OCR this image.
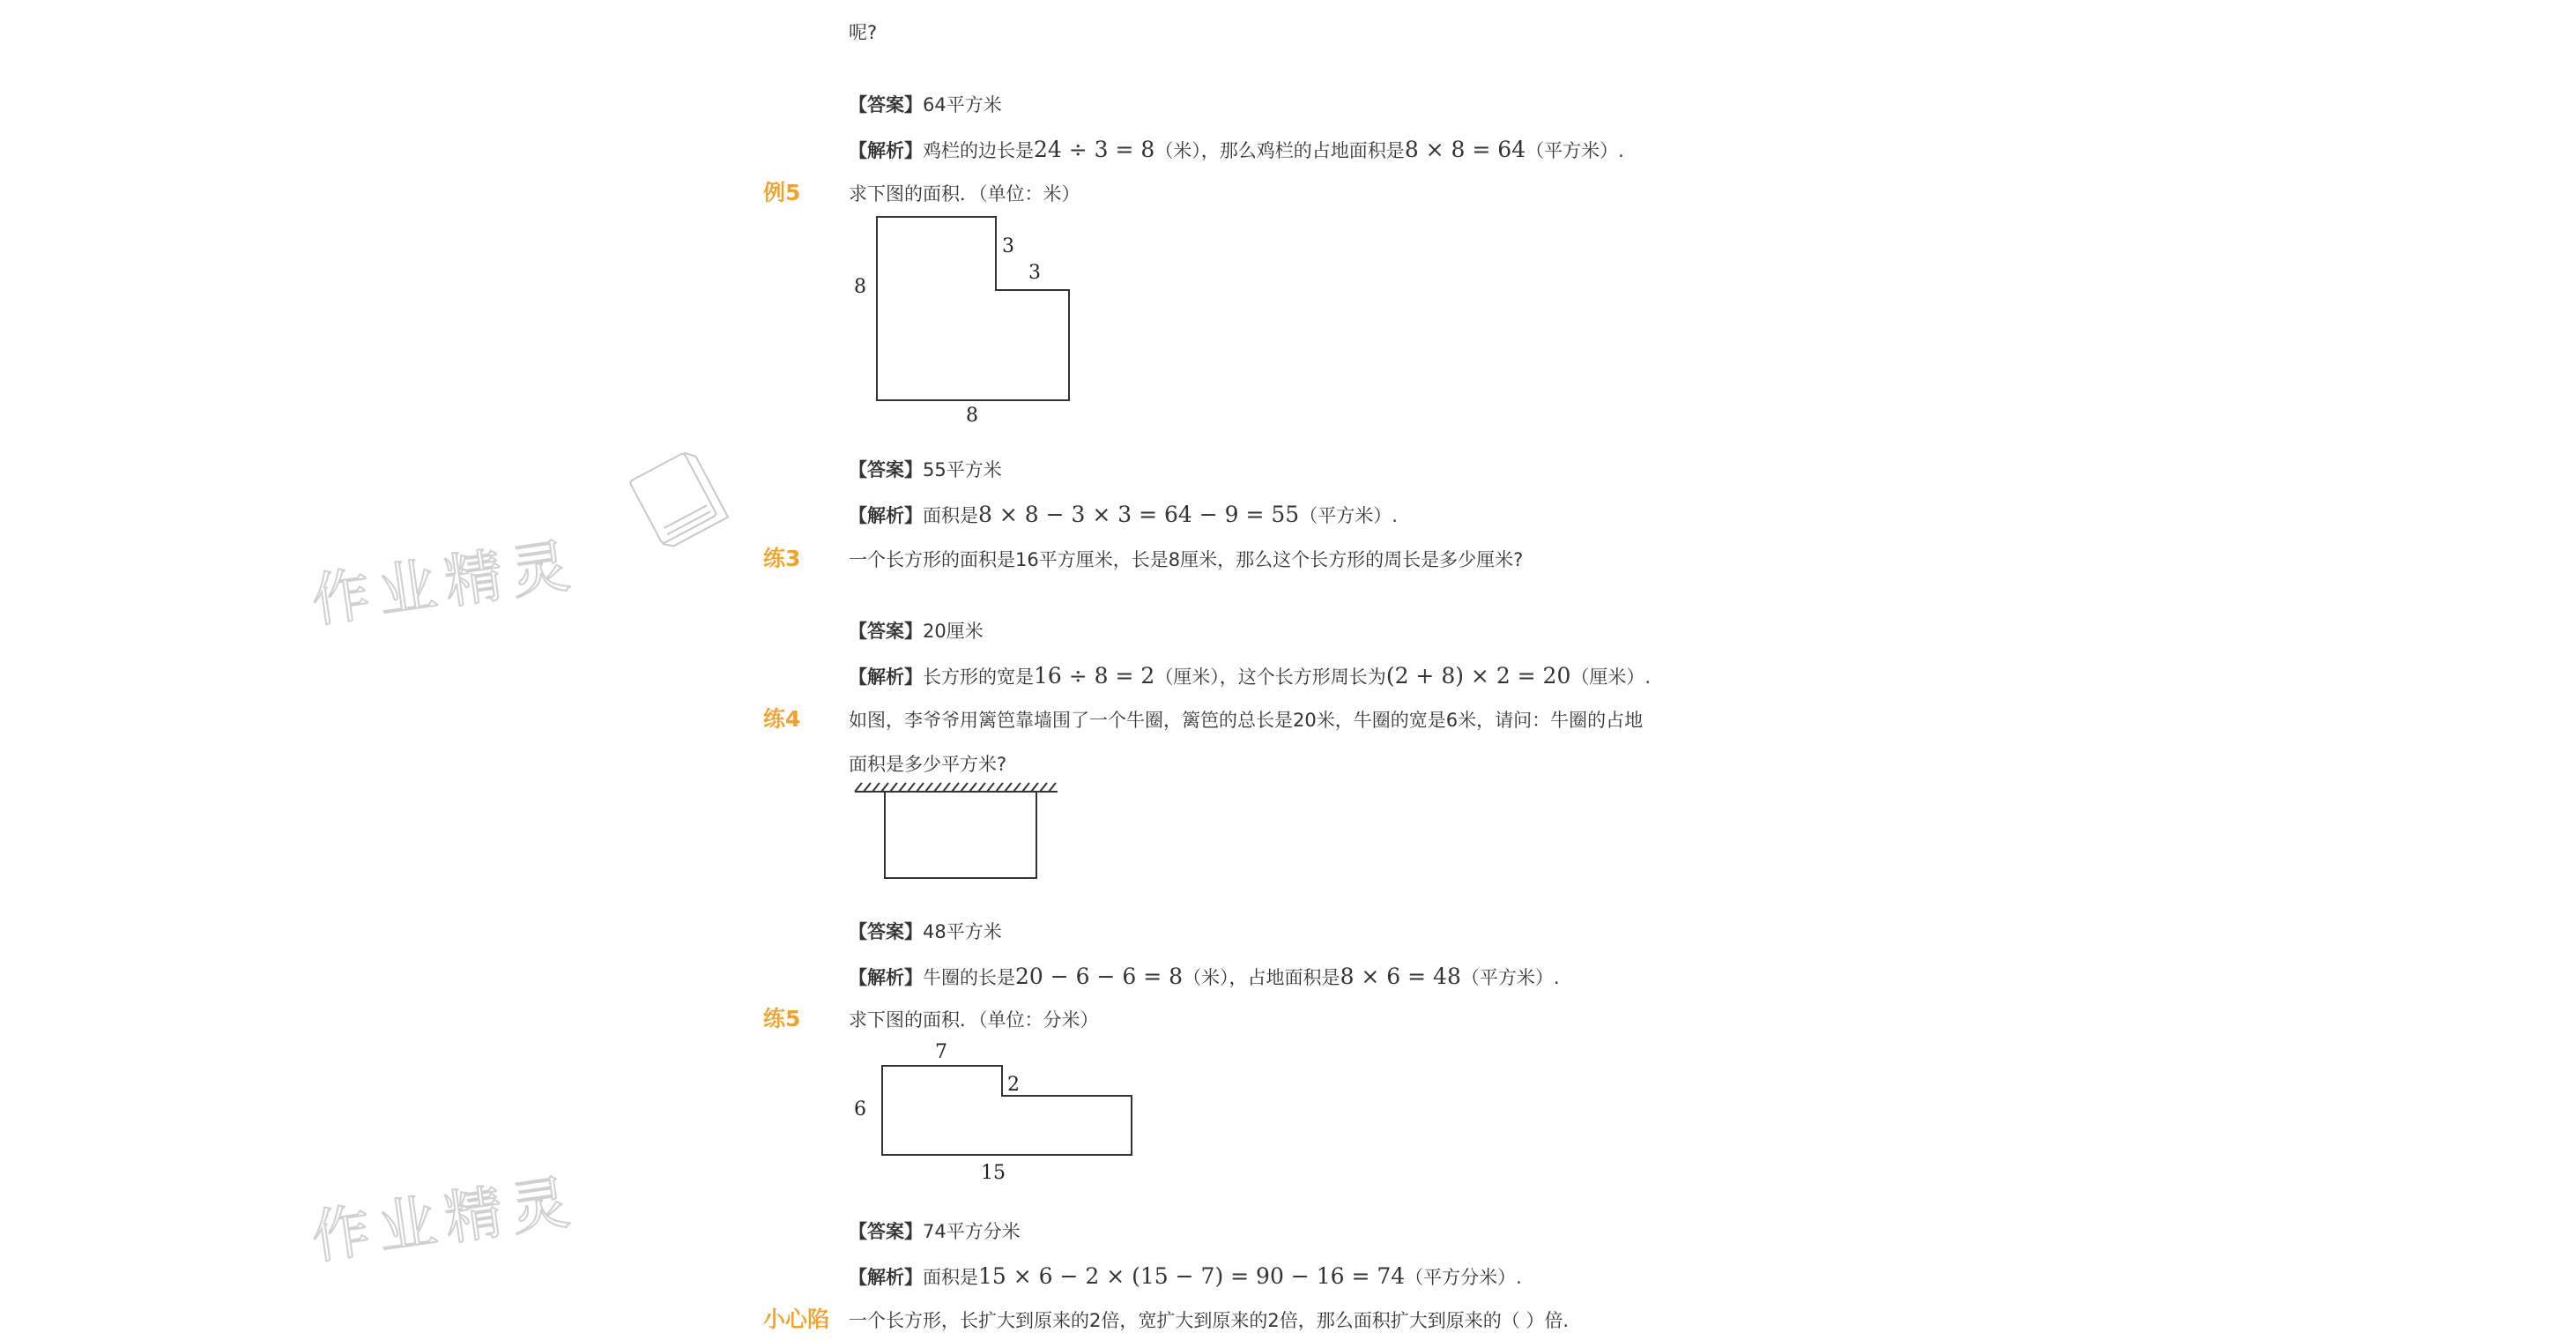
作业精灵
作业精灵
呢?
【答案】64平方米
【解析】鸡栏的边长是24 ÷ 3 = 8（米），那么鸡栏的占地面积是8 × 8 = 64（平方米）.
例5	求下图的面积．（单位：米）
8
8
3
3
【答案】55平方米
【解析】面积是8 × 8 − 3 × 3 = 64 − 9 = 55（平方米）.
练3	一个长方形的面积是16平方厘米，长是8厘米，那么这个长方形的周长是多少厘米?
【答案】20厘米
【解析】长方形的宽是16 ÷ 8 = 2（厘米），这个长方形周长为(2 + 8) × 2 = 20（厘米）.
练4	如图，李爷爷用篱笆靠墙围了一个牛圈，篱笆的总长是20米，牛圈的宽是6米，请问：牛圈的占地
面积是多少平方米?
【答案】48平方米
【解析】牛圈的长是20 − 6 − 6 = 8（米），占地面积是8 × 6 = 48（平方米）.
练5	求下图的面积．（单位：分米）
7
6
2
15
【答案】74平方分米
【解析】面积是15 × 6 − 2 × (15 − 7) = 90 − 16 = 74（平方分米）.
小心陷 一个长方形，长扩大到原来的2倍，宽扩大到原来的2倍，那么面积扩大到原来的（ ）倍.
